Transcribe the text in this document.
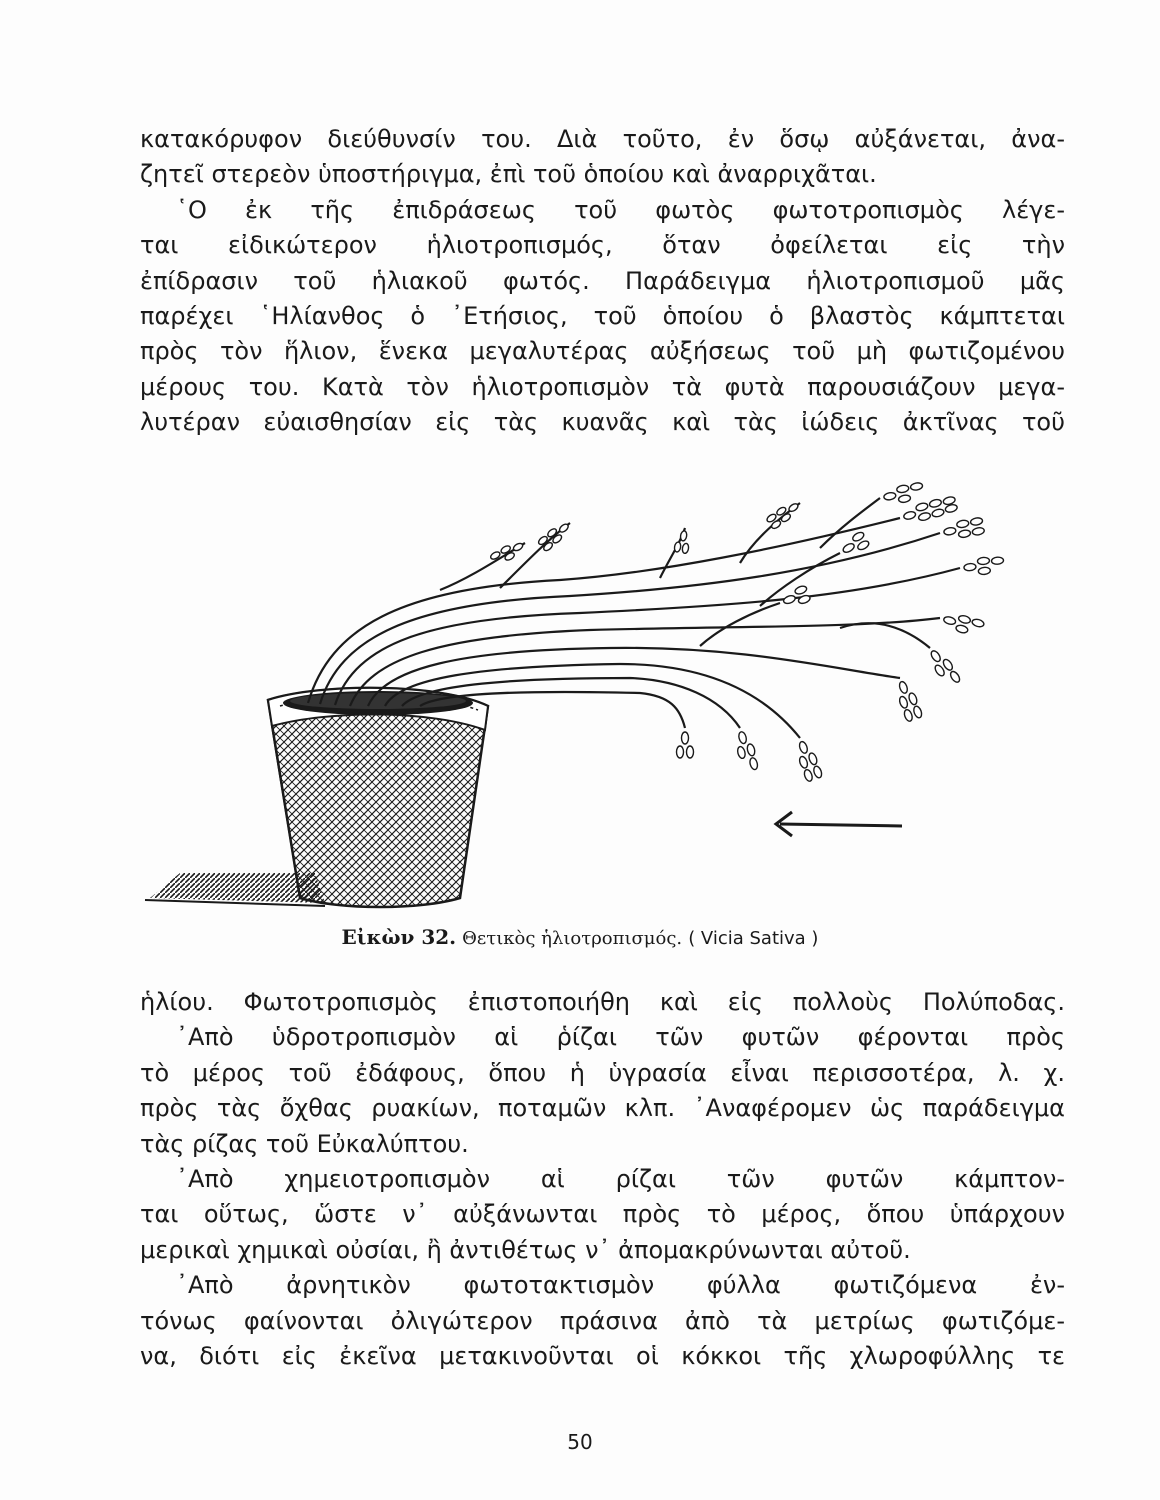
κατακόρυφον διεύθυνσίν του. Διὰ τοῦτο, ἐν ὅσῳ αὐξάνεται, ἀνα-
ζητεῖ στερεὸν ὑποστήριγμα, ἐπὶ τοῦ ὁποίου καὶ ἀναρριχᾶται.
῾Ο ἐκ τῆς ἐπιδράσεως τοῦ φωτὸς φωτοτροπισμὸς λέγε-
ται εἰδικώτερον ἡλιοτροπισμός, ὅταν ὀφείλεται εἰς τὴν
ἐπίδρασιν τοῦ ἡλιακοῦ φωτός. Παράδειγμα ἡλιοτροπισμοῦ μᾶς
παρέχει ῾Ηλίανθος ὁ ᾿Ετήσιος, τοῦ ὁποίου ὁ βλαστὸς κάμπτεται
πρὸς τὸν ἥλιον, ἕνεκα μεγαλυτέρας αὐξήσεως τοῦ μὴ φωτιζομένου
μέρους του. Κατὰ τὸν ἡλιοτροπισμὸν τὰ φυτὰ παρουσιάζουν μεγα-
λυτέραν εὐαισθησίαν εἰς τὰς κυανᾶς καὶ τὰς ἰώδεις ἀκτῖνας τοῦ
Εἰκὼν 32. Θετικὸς ἡλιοτροπισμός. ( Vicia Sativa )
ἡλίου. Φωτοτροπισμὸς ἐπιστοποιήθη καὶ εἰς πολλοὺς Πολύποδας.
᾿Απὸ ὑδροτροπισμὸν αἱ ῥίζαι τῶν φυτῶν φέρονται πρὸς
τὸ μέρος τοῦ ἐδάφους, ὅπου ἡ ὑγρασία εἶναι περισσοτέρα, λ. χ.
πρὸς τὰς ὄχθας ρυακίων, ποταμῶν κλπ. ᾿Αναφέρομεν ὡς παράδειγμα
τὰς ρίζας τοῦ Εὐκαλύπτου.
᾿Απὸ χημειοτροπισμὸν αἱ ρίζαι τῶν φυτῶν κάμπτον-
ται οὕτως, ὥστε ν᾿ αὐξάνωνται πρὸς τὸ μέρος, ὅπου ὑπάρχουν
μερικαὶ χημικαὶ οὐσίαι, ἢ ἀντιθέτως ν᾿ ἀπομακρύνωνται αὐτοῦ.
᾿Απὸ ἀρνητικὸν φωτοτακτισμὸν φύλλα φωτιζόμενα ἐν-
τόνως φαίνονται ὀλιγώτερον πράσινα ἀπὸ τὰ μετρίως φωτιζόμε-
να, διότι εἰς ἐκεῖνα μετακινοῦνται οἱ κόκκοι τῆς χλωροφύλλης τε
50
